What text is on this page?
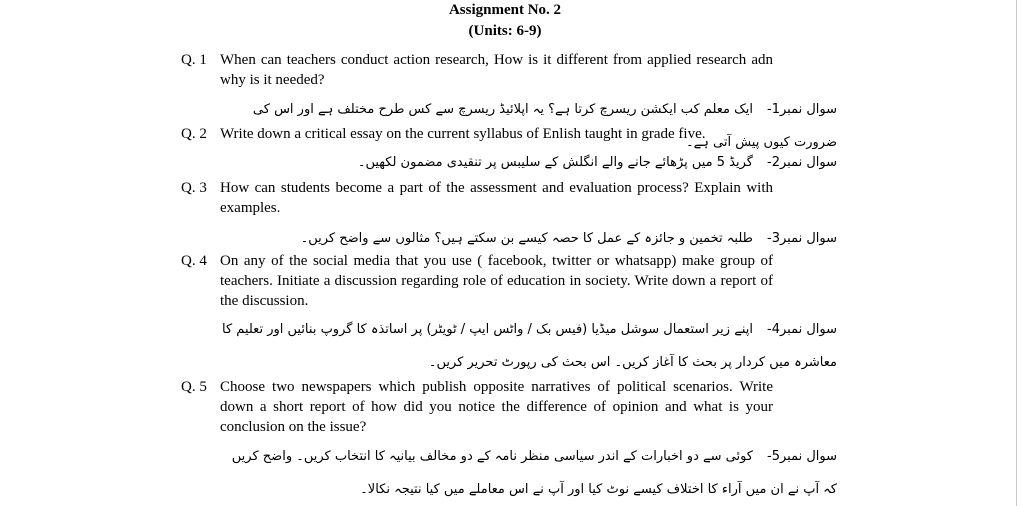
Assignment No. 2
(Units: 6-9)
Q. 1 When can teachers conduct action research, How is it different from applied research adn why is it needed?
سوال نمبر1-ایک معلم کب ایکشن ریسرچ کرتا ہے؟ یہ اپلائیڈ ریسرچ سے کس طرح مختلف ہے اور اس کی ضرورت کیوں پیش آتی ہے۔
Q. 2 Write down a critical essay on the current syllabus of Enlish taught in grade five.
سوال نمبر2-گریڈ 5 میں پڑھائے جانے والے انگلش کے سلیبس پر تنقیدی مضمون لکھیں۔
Q. 3 How can students become a part of the assessment and evaluation process? Explain with examples.
سوال نمبر3-طلبہ تخمین و جائزہ کے عمل کا حصہ کیسے بن سکتے ہیں؟ مثالوں سے واضح کریں۔
Q. 4 On any of the social media that you use ( facebook, twitter or whatsapp) make group of teachers. Initiate a discussion regarding role of education in society. Write down a report of the discussion.
سوال نمبر4-اپنے زیر استعمال سوشل میڈیا (فیس بک / واٹس ایپ / ٹویٹر) پر اساتذہ کا گروپ بنائیں اور تعلیم کا معاشرہ میں کردار پر بحث کا آغاز کریں۔ اس بحث کی رپورٹ تحریر کریں۔
Q. 5 Choose two newspapers which publish opposite narratives of political scenarios. Write down a short report of how did you notice the difference of opinion and what is your conclusion on the issue?
سوال نمبر5-کوئی سے دو اخبارات کے اندر سیاسی منظر نامہ کے دو مخالف بیانیہ کا انتخاب کریں۔ واضح کریں کہ آپ نے ان میں آراء کا اختلاف کیسے نوٹ کیا اور آپ نے اس معاملے میں کیا نتیجہ نکالا۔
